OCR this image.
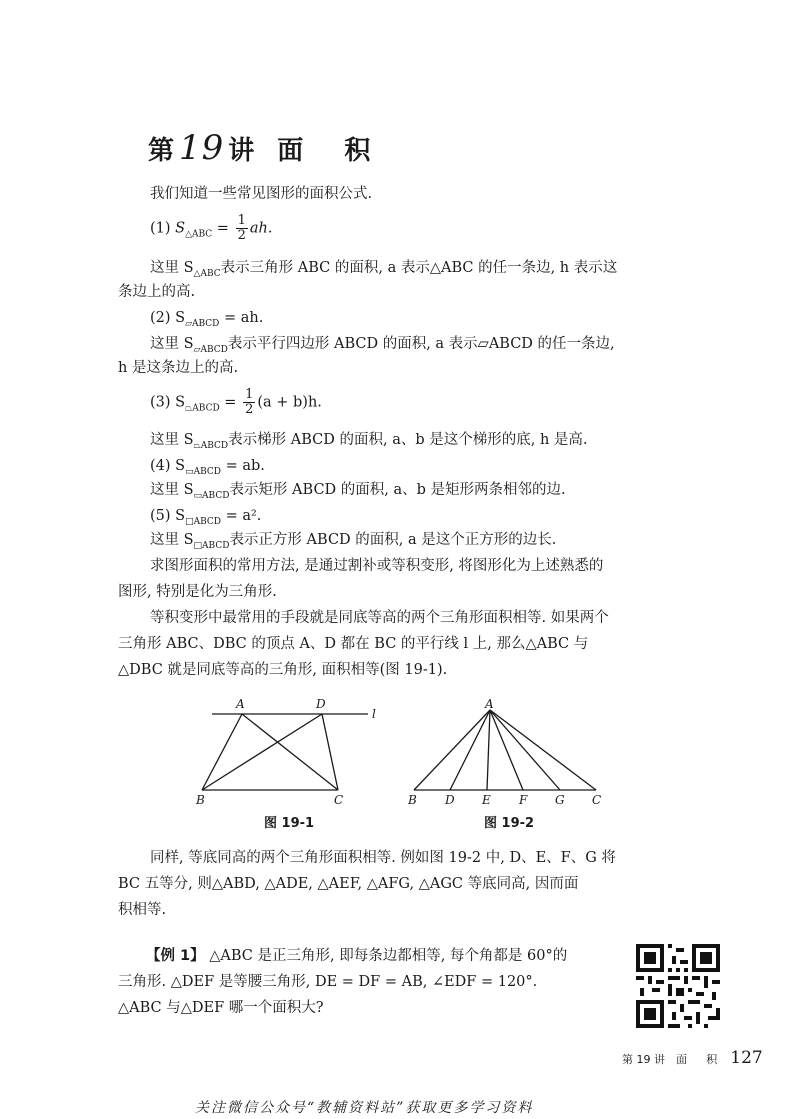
第 19 讲 面 积

我们知道一些常见图形的面积公式.

(1) $S_{\triangle ABC} = \frac{1}{2}$ ah.
这里 $S_{\triangle ABC}$表示三角形 ABC 的面积, a 表示△ABC 的任一条边, h 表示这

条边上的高.

(2) $S_{▱ABCD}$ = ah.
这里 $S_{▱ABCD}$表示平行四边形 ABCD 的面积, a 表示▱ABCD 的任一条边,

h 是这条边上的高.

(3) $S_{⏢ABCD} = \frac{1}{2} (a + b)h$.
这里 $S_{⏢ABCD}$表示梯形 ABCD 的面积, a、b 是这个梯形的底, h 是高.
(4) $S_{▭ABCD}$ = ab.
这里 $S_{▭ABCD}$表示矩形 ABCD 的面积, a、b 是矩形两条相邻的边.
(5) $S_{□ABCD} = a^2$.
这里 $S_{□ABCD}$表示正方形 ABCD 的面积, a 是这个正方形的边长.

求图形面积的常用方法, 是通过割补或等积变形, 将图形化为上述熟悉的

图形, 特别是化为三角形.

等积变形中最常用的手段就是同底等高的两个三角形面积相等. 如果两个

三角形 ABC、DBC 的顶点 A、D 都在 BC 的平行线 l 上, 那么△ABC 与

△DBC 就是同底等高的三角形, 面积相等(图 19-1).

A	D
l
B	C
图 19-1
A
B D E F G C
图 19-2

同样, 等底同高的两个三角形面积相等. 例如图 19-2 中, D、E、F、G 将

BC 五等分, 则△ABD, △ADE, △AEF, △AFG, △AGC 等底同高, 因而面

积相等.

【例 1】 △ABC 是正三角形, 即每条边都相等, 每个角都是 60°的

三角形. △DEF 是等腰三角形, DE = DF = AB, ∠EDF = 120°.

△ABC 与△DEF 哪一个面积大?

第 19 讲 面 积 127
关注微信公众号“教辅资料站”获取更多学习资料
